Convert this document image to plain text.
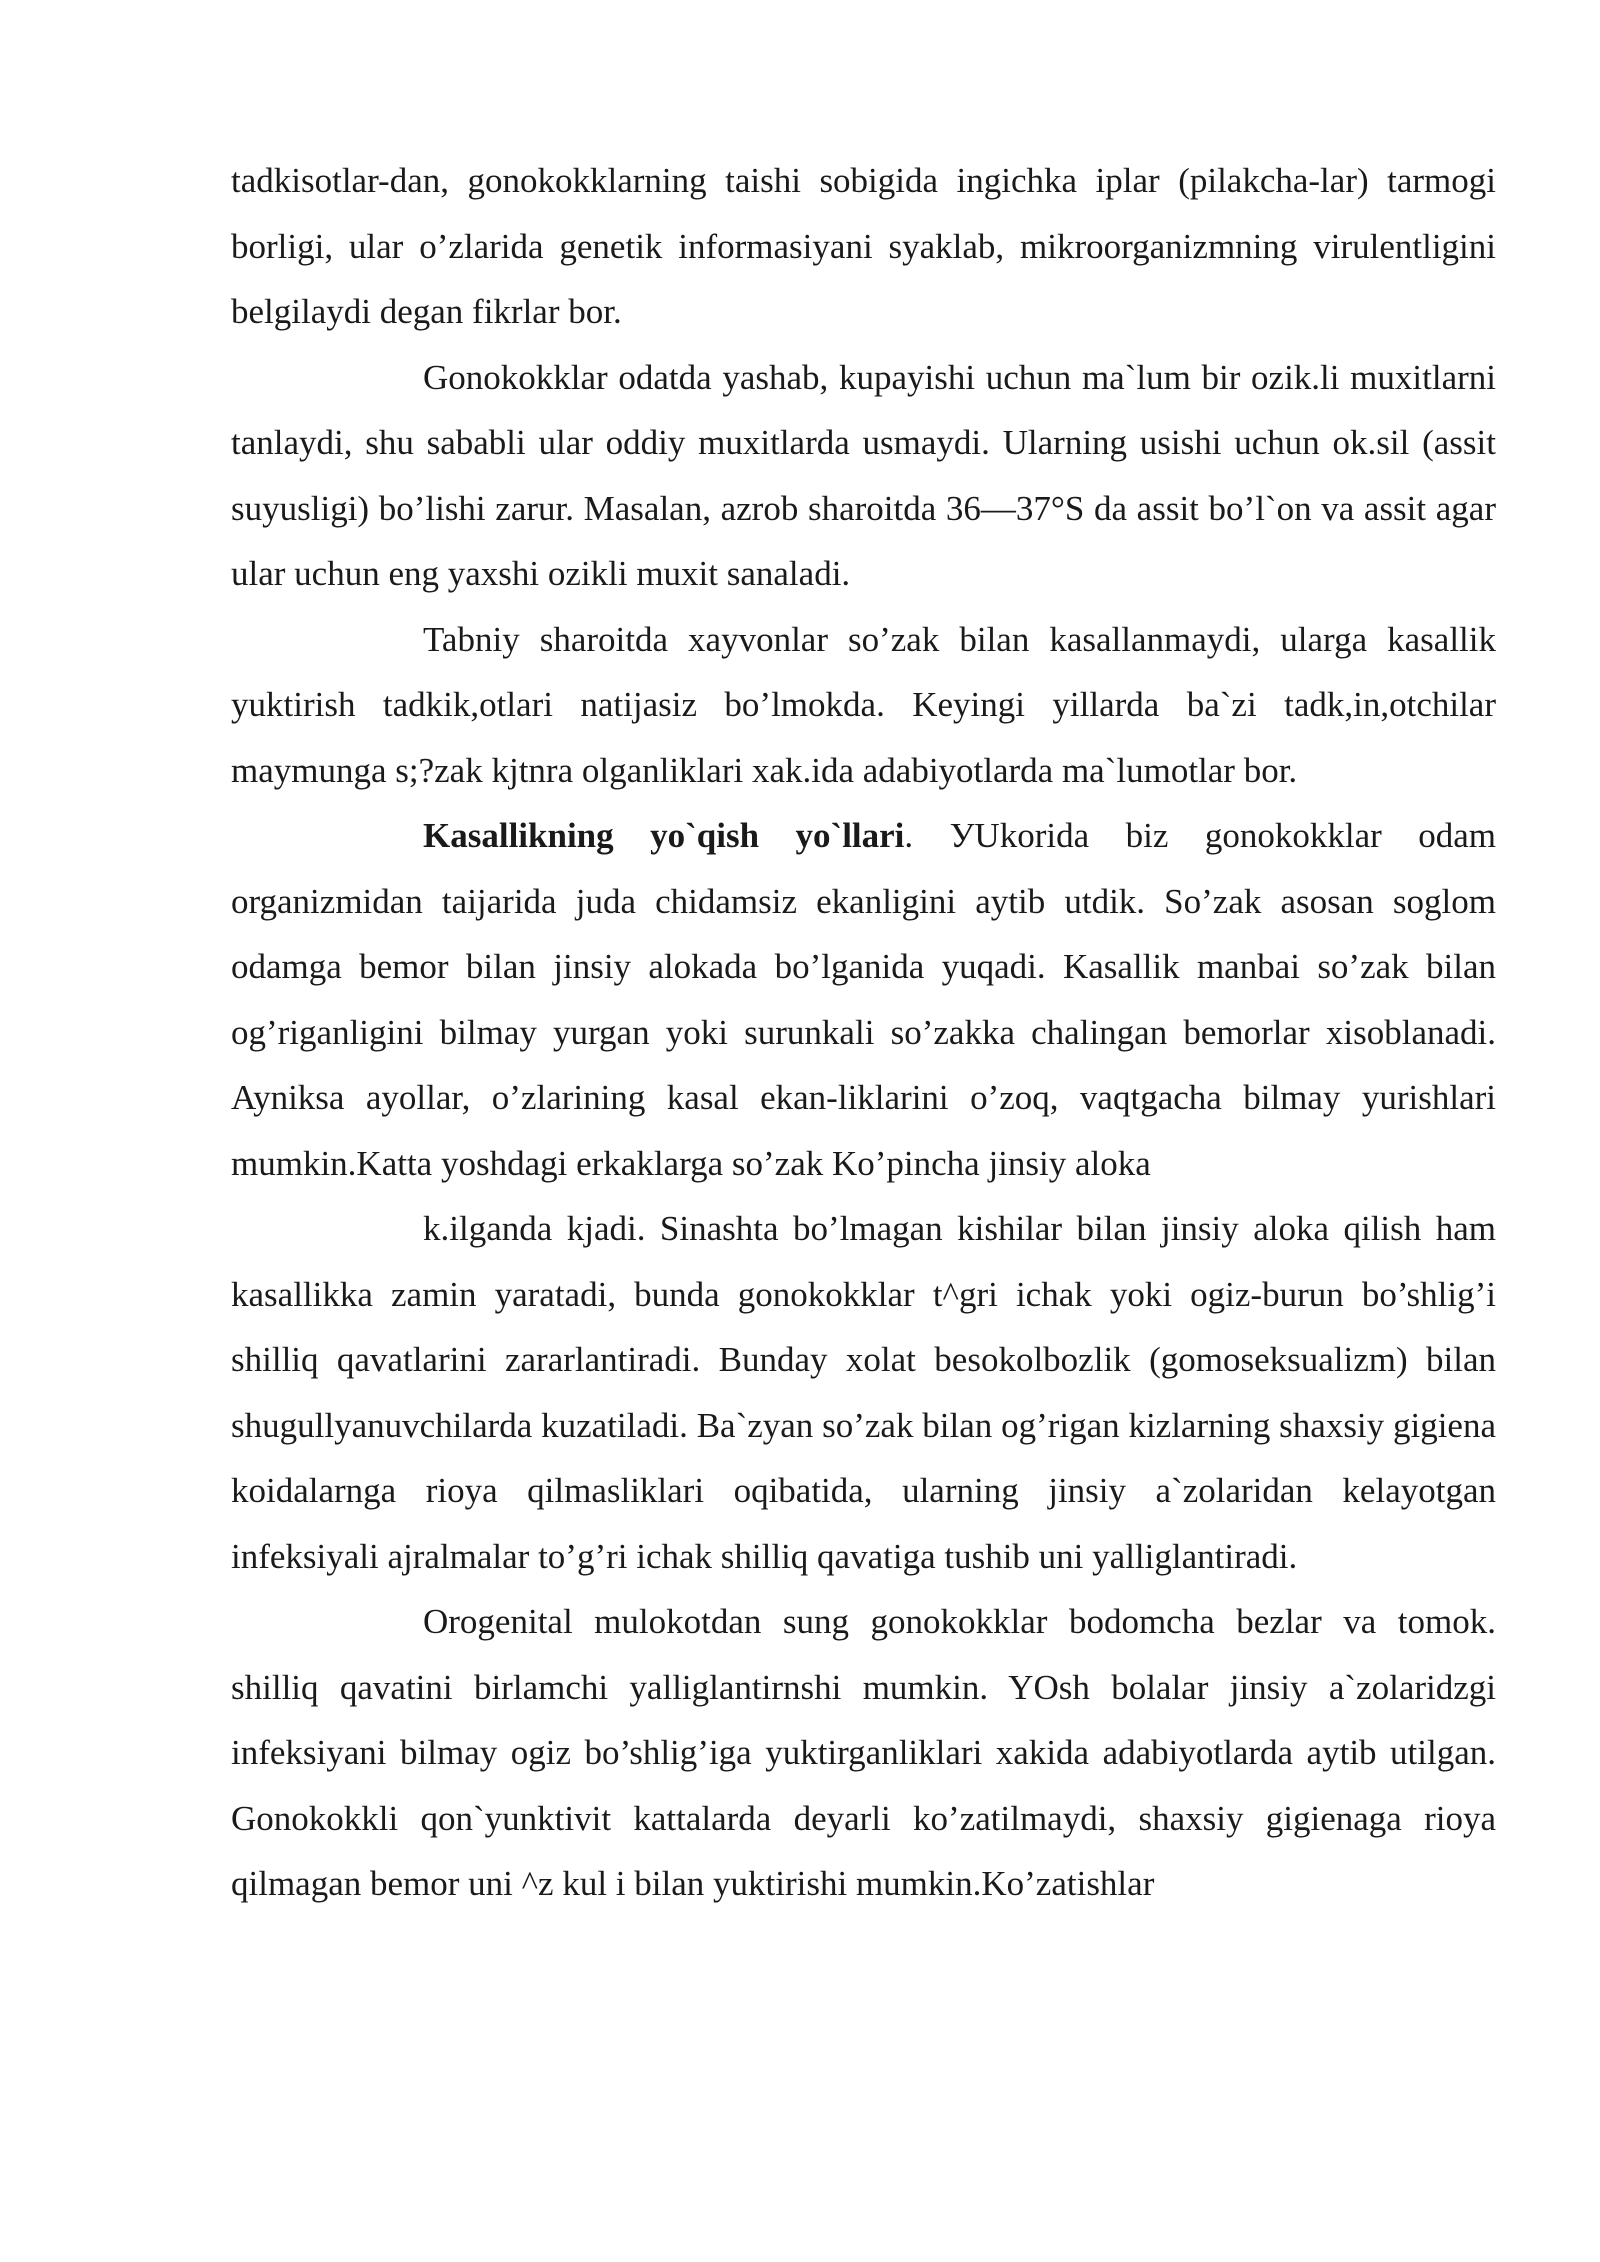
tadkisotlar-dan, gonokokklarning taishi sobigida ingichka iplar (pilakcha-lar) tarmogi borligi, ular o’zlarida genetik informasiyani syaklab, mikroorganizmning virulentligini belgilaydi degan fikrlar bor.

Gonokokklar odatda yashab, kupayishi uchun ma`lum bir ozik.li muxitlarni tanlaydi, shu sababli ular oddiy muxitlarda usmaydi. Ularning usishi uchun ok.sil (assit suyusligi) bo’lishi zarur. Masalan, azrob sharoitda 36—37°S da assit bo’l`on va assit agar ular uchun eng yaxshi ozikli muxit sanaladi.

Tabniy sharoitda xayvonlar so’zak bilan kasallanmaydi, ularga kasallik yuktirish tadkik,otlari natijasiz bo’lmokda. Keyingi yillarda ba`zi tadk,in,otchilar maymunga s;?zak kjtnra olganliklari xak.ida adabiyotlarda ma`lumotlar bor.

Kasallikning yo`qish yo`llari. УUkorida biz gonokokklar odam organizmidan taijarida juda chidamsiz ekanligini aytib utdik. So’zak asosan soglom odamga bemor bilan jinsiy alokada bo’lganida yuqadi. Kasallik manbai so’zak bilan og’riganligini bilmay yurgan yoki surunkali so’zakka chalingan bemorlar xisoblanadi. Ayniksa ayollar, o’zlarining kasal ekan-liklarini o’zoq, vaqtgacha bilmay yurishlari mumkin.Katta yoshdagi erkaklarga so’zak Ko’pincha jinsiy aloka

k.ilganda kjadi. Sinashta bo’lmagan kishilar bilan jinsiy aloka qilish ham kasallikka zamin yaratadi, bunda gonokokklar t^gri ichak yoki ogiz-burun bo’shlig’i shilliq qavatlarini zararlantiradi. Bunday xolat besokolbozlik (gomoseksualizm) bilan shugullyanuvchilarda kuzatiladi. Ba`zyan so’zak bilan og’rigan kizlarning shaxsiy gigiena koidalarnga rioya qilmasliklari oqibatida, ularning jinsiy a`zolaridan kelayotgan infeksiyali ajralmalar to’g’ri ichak shilliq qavatiga tushib uni yalliglantiradi.

Orogenital mulokotdan sung gonokokklar bodomcha bezlar va tomok. shilliq qavatini birlamchi yalliglantirnshi mumkin. YOsh bolalar jinsiy a`zolaridzgi infeksiyani bilmay ogiz bo’shlig’iga yuktirganliklari xakida adabiyotlarda aytib utilgan. Gonokokkli qon`yunktivit kattalarda deyarli ko’zatilmaydi, shaxsiy gigienaga rioya qilmagan bemor uni ^z kul i bilan yuktirishi mumkin.Ko’zatishlar
